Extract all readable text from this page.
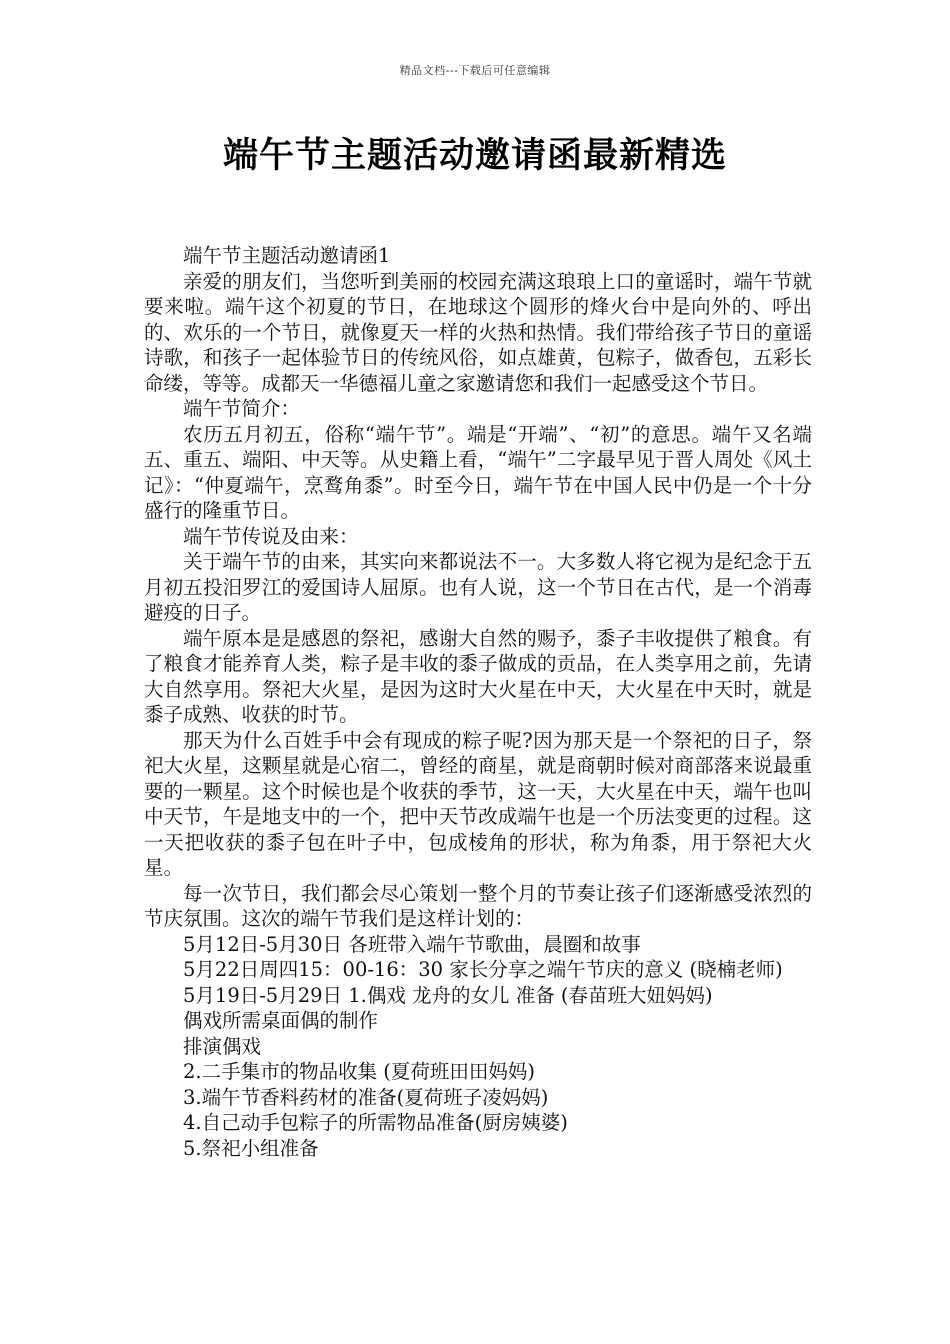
精品文档---下载后可任意编辑
端午节主题活动邀请函最新精选

端午节主题活动邀请函1

亲爱的朋友们，当您听到美丽的校园充满这琅琅上口的童谣时，端午节就要来啦。端午这个初夏的节日，在地球这个圆形的烽火台中是向外的、呼出的、欢乐的一个节日，就像夏天一样的火热和热情。我们带给孩子节日的童谣诗歌，和孩子一起体验节日的传统风俗，如点雄黄，包粽子，做香包，五彩长命缕，等等。成都天一华德福儿童之家邀请您和我们一起感受这个节日。

端午节简介：

农历五月初五，俗称“端午节”。端是“开端”、“初”的意思。端午又名端五、重五、端阳、中天等。从史籍上看，“端午”二字最早见于晋人周处《风土记》：“仲夏端午，烹鹜角黍”。时至今日，端午节在中国人民中仍是一个十分盛行的隆重节日。

端午节传说及由来：

关于端午节的由来，其实向来都说法不一。大多数人将它视为是纪念于五月初五投汨罗江的爱国诗人屈原。也有人说，这一个节日在古代，是一个消毒避疫的日子。

端午原本是是感恩的祭祀，感谢大自然的赐予，黍子丰收提供了粮食。有了粮食才能养育人类，粽子是丰收的黍子做成的贡品，在人类享用之前，先请大自然享用。祭祀大火星，是因为这时大火星在中天，大火星在中天时，就是黍子成熟、收获的时节。

那天为什么百姓手中会有现成的粽子呢?因为那天是一个祭祀的日子，祭祀大火星，这颗星就是心宿二，曾经的商星，就是商朝时候对商部落来说最重要的一颗星。这个时候也是个收获的季节，这一天，大火星在中天，端午也叫中天节，午是地支中的一个，把中天节改成端午也是一个历法变更的过程。这一天把收获的黍子包在叶子中，包成棱角的形状，称为角黍，用于祭祀大火星。

每一次节日，我们都会尽心策划一整个月的节奏让孩子们逐渐感受浓烈的节庆氛围。这次的端午节我们是这样计划的：

5月12日-5月30日 各班带入端午节歌曲，晨圈和故事

5月22日周四15：00-16：30 家长分享之端午节庆的意义 (晓楠老师)

5月19日-5月29日 1.偶戏 龙舟的女儿 准备 (春苗班大妞妈妈)

偶戏所需桌面偶的制作

排演偶戏

2.二手集市的物品收集 (夏荷班田田妈妈)

3.端午节香料药材的准备(夏荷班子凌妈妈)

4.自己动手包粽子的所需物品准备(厨房姨婆)

5.祭祀小组准备
